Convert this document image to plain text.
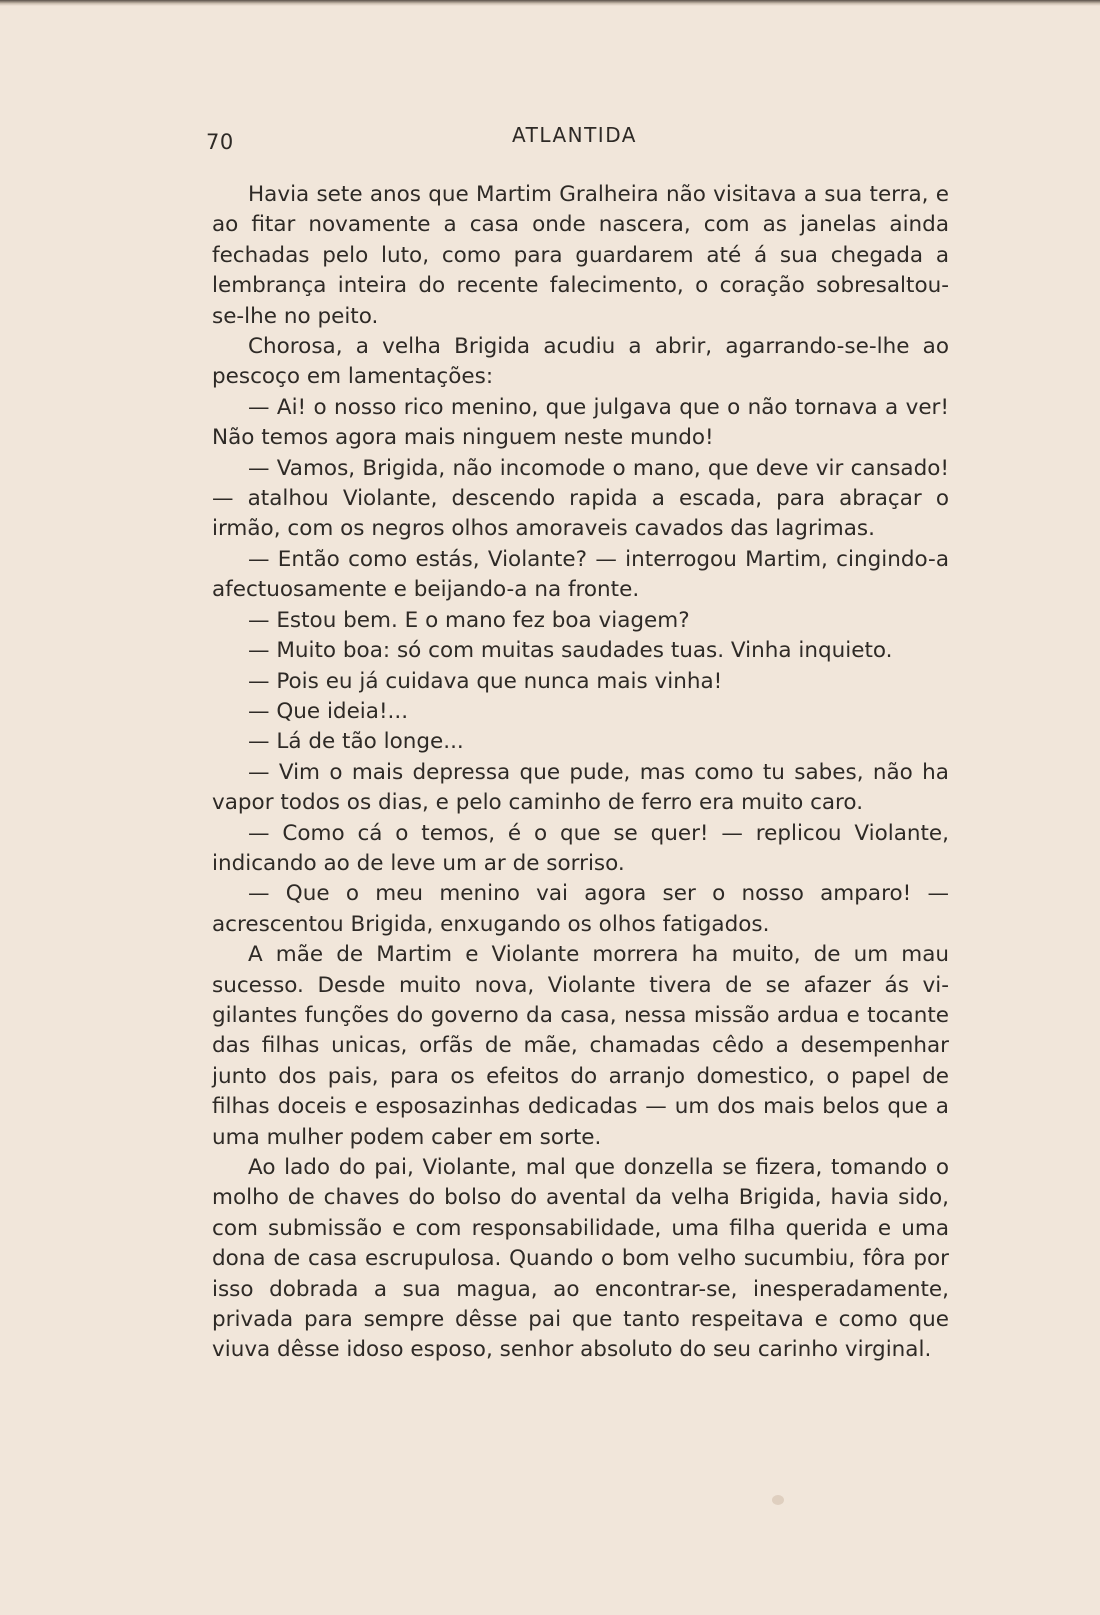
70	ATLANTIDA

Havia sete anos que Martim Gralheira não visitava a sua terra, e ao fitar novamente a casa onde nascera, com as janelas ainda fechadas pelo luto, como para guardarem até á sua chegada a lembrança inteira do recente falecimento, o coração sobresaltou-se-lhe no peito.

Chorosa, a velha Brigida acudiu a abrir, agarrando-se-lhe ao pescoço em lamentações:

— Ai! o nosso rico menino, que julgava que o não tornava a ver! Não temos agora mais ninguem neste mundo!

— Vamos, Brigida, não incomode o mano, que deve vir cansado! — atalhou Violante, descendo rapida a escada, para abraçar o irmão, com os negros olhos amoraveis cavados das lagrimas.

— Então como estás, Violante? — interrogou Martim, cingindo-a afectuosamente e beijando-a na fronte.

— Estou bem. E o mano fez boa viagem?

— Muito boa: só com muitas saudades tuas. Vinha inquieto.

— Pois eu já cuidava que nunca mais vinha!

— Que ideia!...

— Lá de tão longe...

— Vim o mais depressa que pude, mas como tu sabes, não ha vapor todos os dias, e pelo caminho de ferro era muito caro.

— Como cá o temos, é o que se quer! — replicou Violante, indicando ao de leve um ar de sorriso.

— Que o meu menino vai agora ser o nosso amparo! — acrescentou Brigida, enxugando os olhos fatigados.

A mãe de Martim e Violante morrera ha muito, de um mau sucesso. Desde muito nova, Violante tivera de se afazer ás vigilantes funções do governo da casa, nessa missão ardua e tocante das filhas unicas, orfãs de mãe, chamadas cêdo a desempenhar junto dos pais, para os efeitos do arranjo domestico, o papel de filhas doceis e esposazinhas dedicadas — um dos mais belos que a uma mulher podem caber em sorte.

Ao lado do pai, Violante, mal que donzella se fizera, tomando o molho de chaves do bolso do avental da velha Brigida, havia sido, com submissão e com responsabilidade, uma filha querida e uma dona de casa escrupulosa. Quando o bom velho sucumbiu, fôra por isso dobrada a sua magua, ao encontrar-se, inesperadamente, privada para sempre dêsse pai que tanto respeitava e como que viuva dêsse idoso esposo, senhor absoluto do seu carinho virginal.
